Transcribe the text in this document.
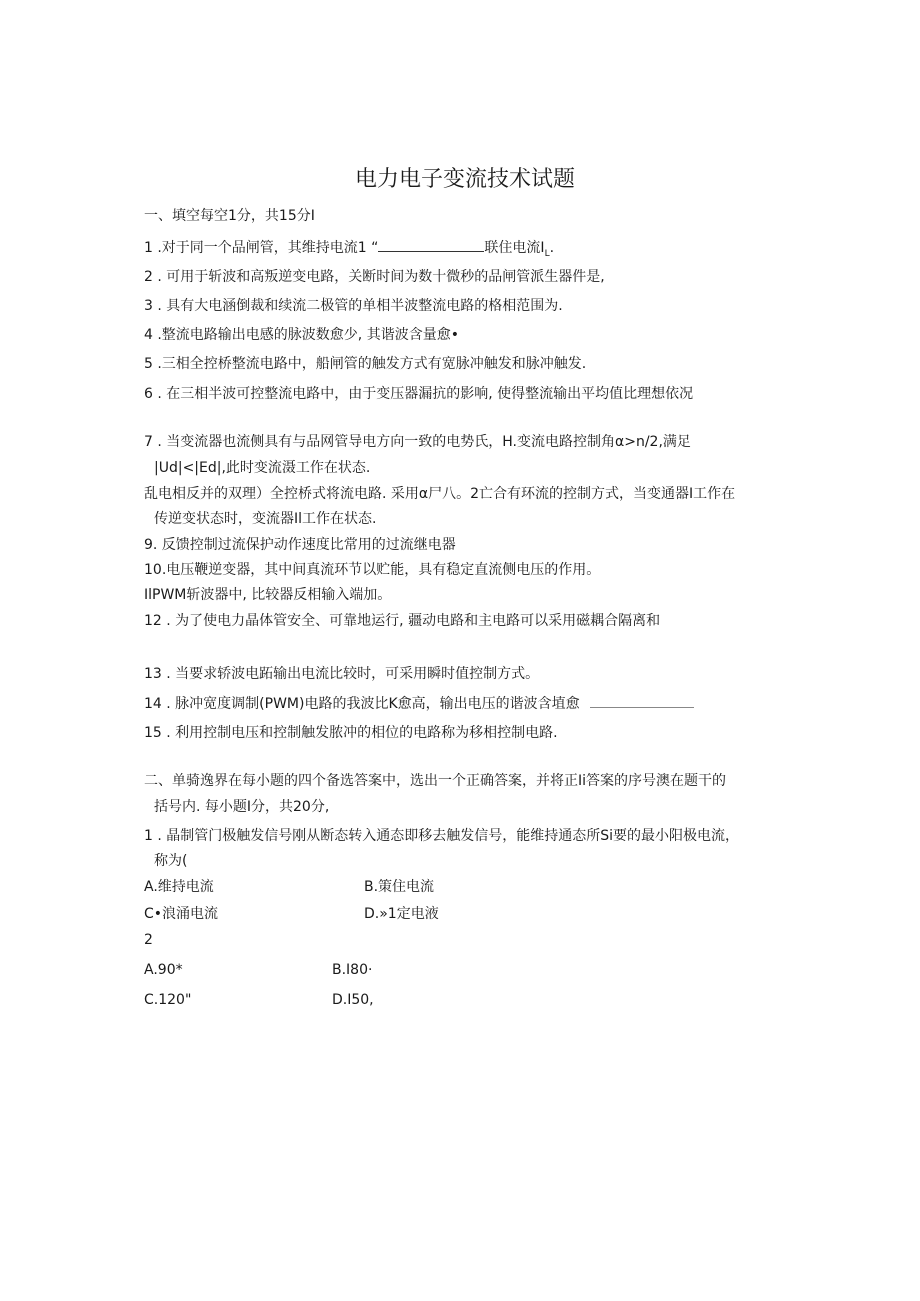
电力电子变流技术试题
一、填空每空1分，共15分I
1 .对于同一个品闸管，其维持电流1 “	联住电流$I_L$.
2 . 可用于斩波和高叛逆变电路，关断时间为数十微秒的品闸管派生器件是,
3 . 具有大电涵倒裁和续流二极管的单相半波整流电路的格相范围为.
4 .整流电路输出电感的脉波数愈少, 其谐波含量愈•
5 .三相全控桥整流电路中，船闸管的触发方式有宽脉冲触发和脉冲触发.
6 . 在三相半波可控整流电路中，由于变压器漏抗的影响, 使得整流输出平均值比理想依况
7 . 当变流器也流侧具有与品网管导电方向一致的电势氏，H.变流电路控制角α>n/2,满足
|Ud|<|Ed|,此时变流滠工作在状态.
乱电相反并的双理）全控桥式将流电路. 采用α尸八。2亡合有环流的控制方式，当变通器I工作在
传逆变状态时，变流器Il工作在状态.
9. 反馈控制过流保护动作速度比常用的过流继电器
10.电压鞭逆变器，其中间真流环节以贮能，具有稳定直流侧电压的作用。
IlPWM斩波器中, 比较器反相输入端加。
12 . 为了使电力晶体管安全、可靠地运行, 疆动电路和主电路可以采用磁耦合隔离和
13 . 当要求轿波电跖输出电流比较时，可采用瞬时值控制方式。
14 . 脉冲宽度调制(PWM)电路的我波比K愈高，输出电压的谐波含埴愈
15 . 利用控制电压和控制触发脓冲的相位的电路称为移相控制电路.
二、单骑逸界在每小题的四个备选答案中，选出一个正确答案，并将正Ii答案的序号澳在题干的
括号内. 每小题I分，共20分,
1 . 晶制管门极触发信号刚从断态转入通态即移去触发信号，能维持通态所Si要的最小阳极电流，
称为(
A.维持电流	B.策住电流
C•浪涌电流	D.»1定电液
2
A.90*	B.I80·
C.120"	D.I50,
